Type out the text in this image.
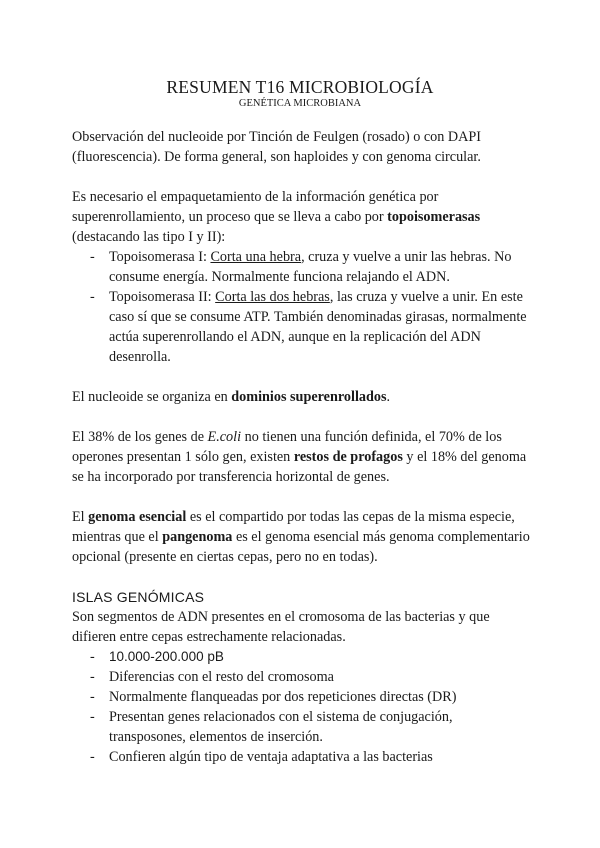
RESUMEN T16 MICROBIOLOGÍA
GENÉTICA MICROBIANA

Observación del nucleoide por Tinción de Feulgen (rosado) o con DAPI (fluorescencia). De forma general, son haploides y con genoma circular.

Es necesario el empaquetamiento de la información genética por superenrollamiento, un proceso que se lleva a cabo por topoisomerasas (destacando las tipo I y II):

- Topoisomerasa I: Corta una hebra, cruza y vuelve a unir las hebras. No consume energía. Normalmente funciona relajando el ADN.
- Topoisomerasa II: Corta las dos hebras, las cruza y vuelve a unir. En este caso sí que se consume ATP. También denominadas girasas, normalmente actúa superenrollando el ADN, aunque en la replicación del ADN desenrolla.

El nucleoide se organiza en dominios superenrollados.

El 38% de los genes de E.coli no tienen una función definida, el 70% de los operones presentan 1 sólo gen, existen restos de profagos y el 18% del genoma se ha incorporado por transferencia horizontal de genes.

El genoma esencial es el compartido por todas las cepas de la misma especie, mientras que el pangenoma es el genoma esencial más genoma complementario opcional (presente en ciertas cepas, pero no en todas).

ISLAS GENÓMICAS

Son segmentos de ADN presentes en el cromosoma de las bacterias y que difieren entre cepas estrechamente relacionadas.

- 10.000-200.000 pB
- Diferencias con el resto del cromosoma
- Normalmente flanqueadas por dos repeticiones directas (DR)
- Presentan genes relacionados con el sistema de conjugación, transposones, elementos de inserción.
- Confieren algún tipo de ventaja adaptativa a las bacterias
